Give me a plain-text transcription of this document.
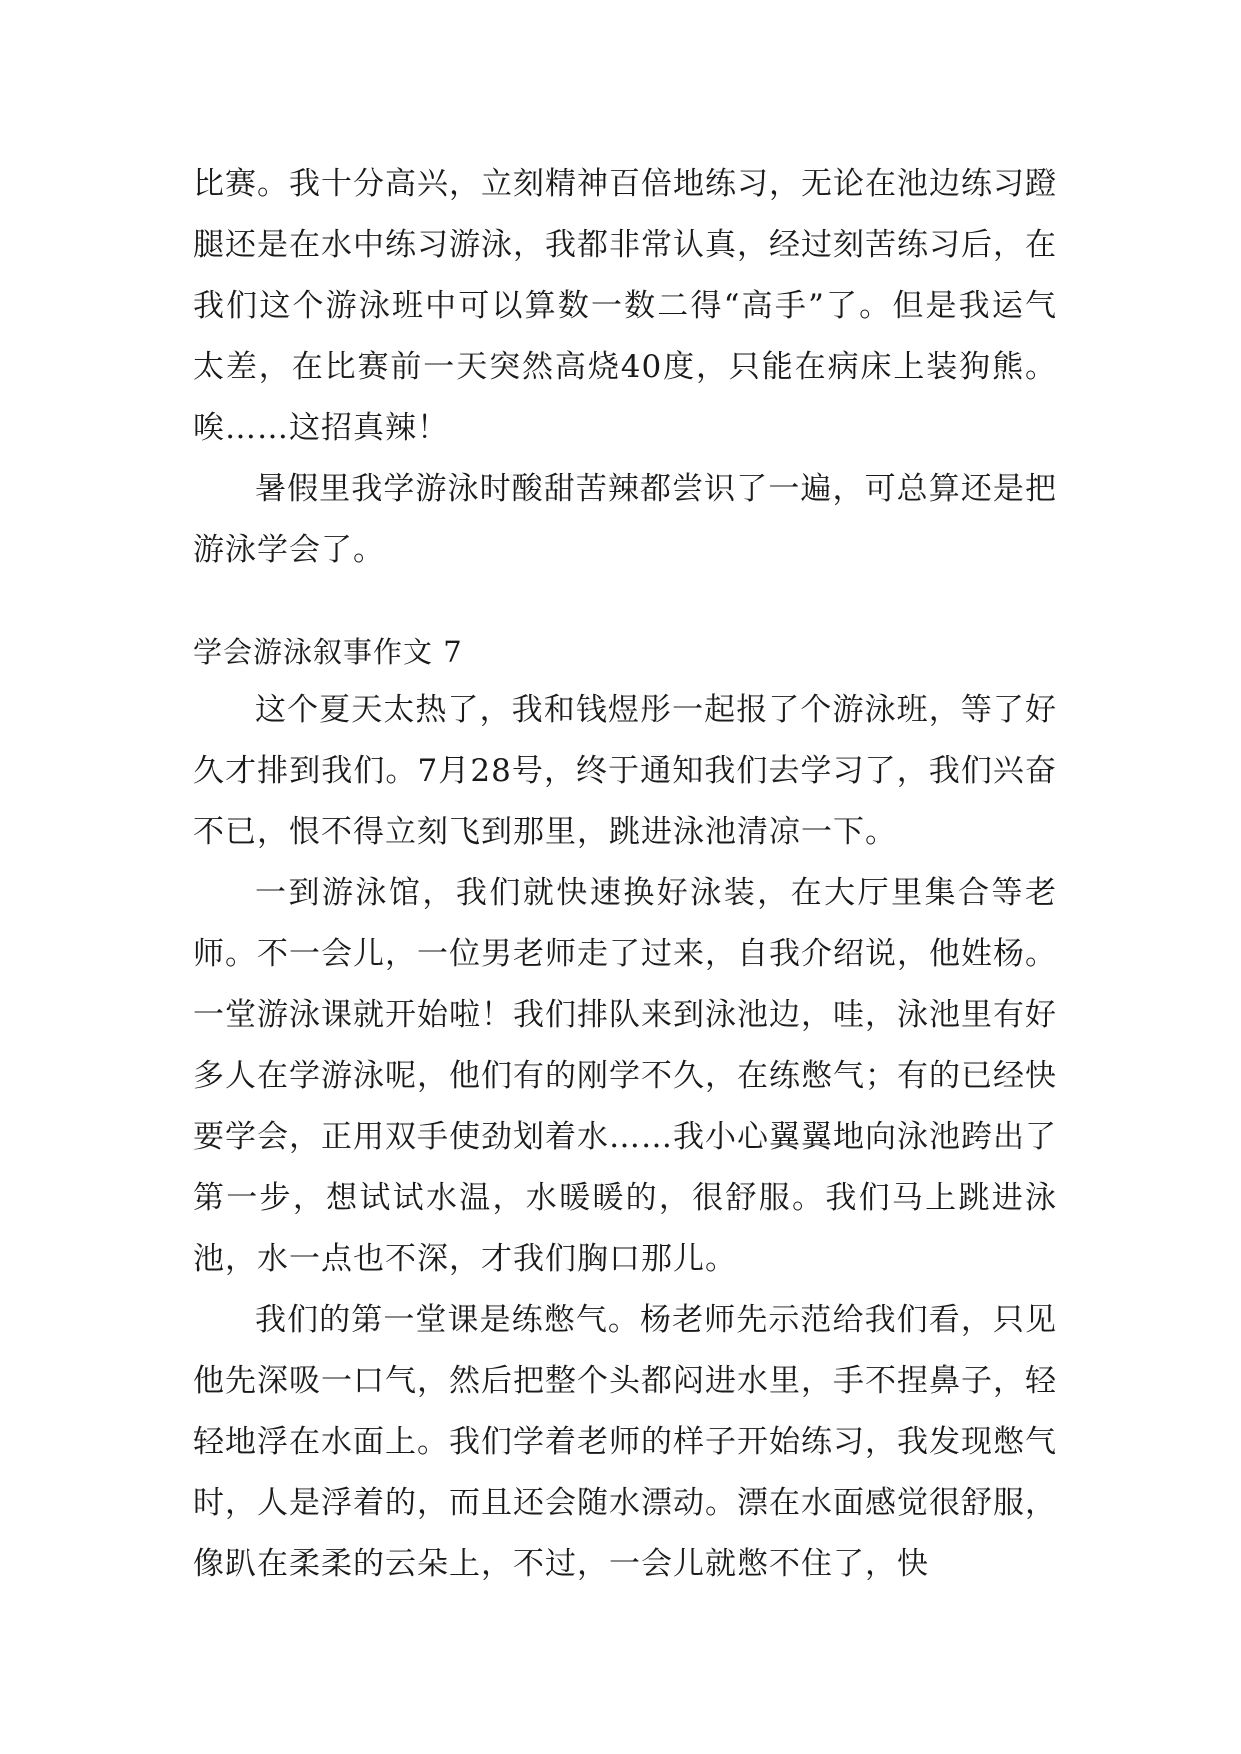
比赛。我十分高兴，立刻精神百倍地练习，无论在池边练习蹬腿还是在水中练习游泳，我都非常认真，经过刻苦练习后，在我们这个游泳班中可以算数一数二得“高手”了。但是我运气太差，在比赛前一天突然高烧40度，只能在病床上装狗熊。唉……这招真辣！

暑假里我学游泳时酸甜苦辣都尝识了一遍，可总算还是把游泳学会了。

学会游泳叙事作文 7

这个夏天太热了，我和钱煜彤一起报了个游泳班，等了好久才排到我们。7月28号，终于通知我们去学习了，我们兴奋不已，恨不得立刻飞到那里，跳进泳池清凉一下。

一到游泳馆，我们就快速换好泳装，在大厅里集合等老师。不一会儿，一位男老师走了过来，自我介绍说，他姓杨。一堂游泳课就开始啦！我们排队来到泳池边，哇，泳池里有好多人在学游泳呢，他们有的刚学不久，在练憋气；有的已经快要学会，正用双手使劲划着水……我小心翼翼地向泳池跨出了第一步，想试试水温，水暖暖的，很舒服。我们马上跳进泳池，水一点也不深，才我们胸口那儿。

我们的第一堂课是练憋气。杨老师先示范给我们看，只见他先深吸一口气，然后把整个头都闷进水里，手不捏鼻子，轻轻地浮在水面上。我们学着老师的样子开始练习，我发现憋气时，人是浮着的，而且还会随水漂动。漂在水面感觉很舒服，像趴在柔柔的云朵上，不过，一会儿就憋不住了，快
